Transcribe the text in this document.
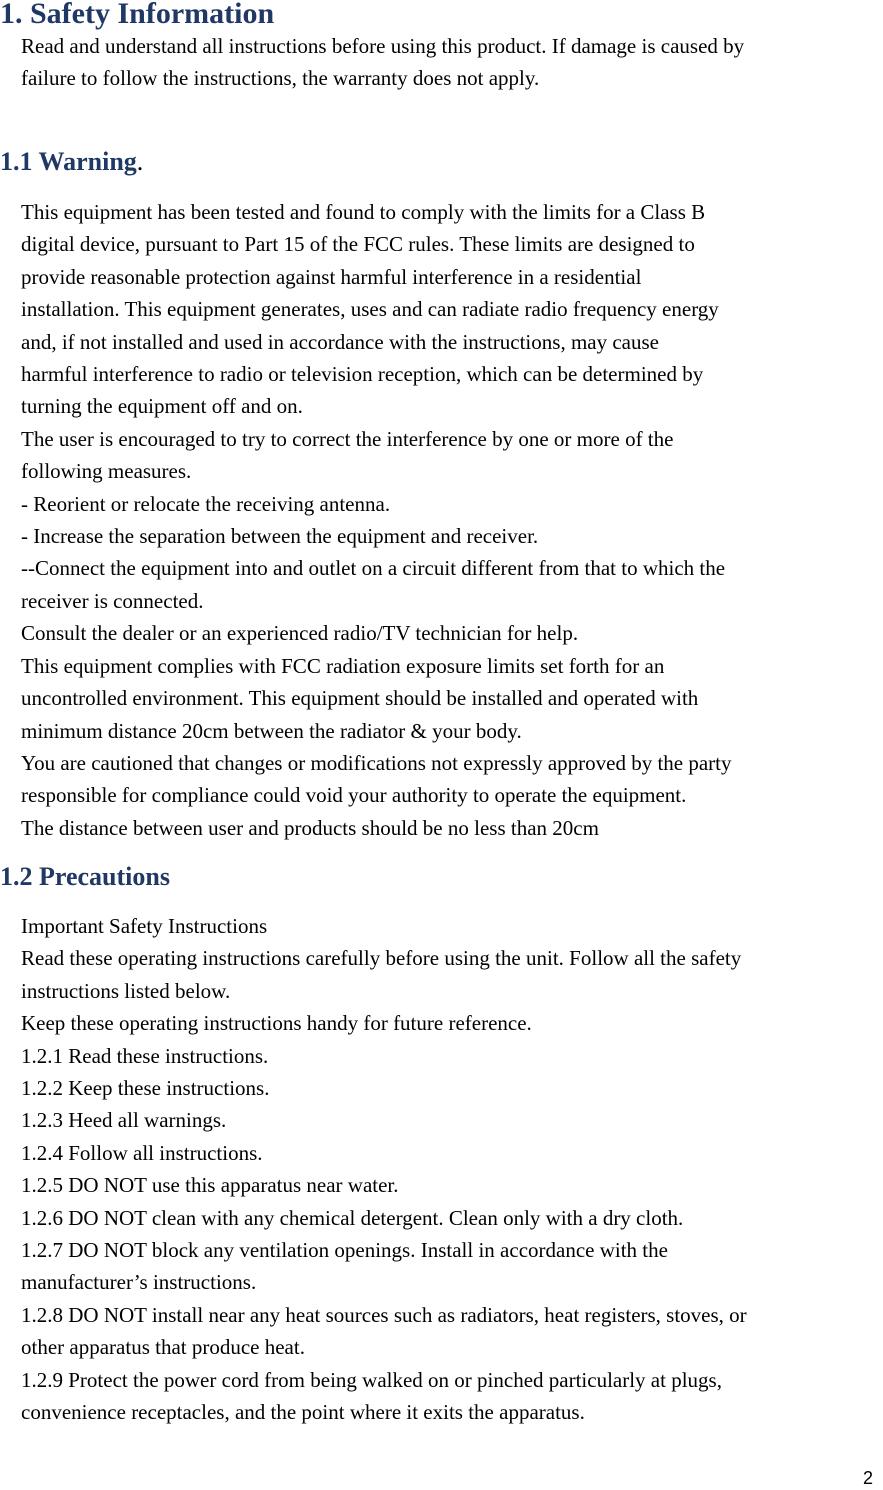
1. Safety Information
Read and understand all instructions before using this product. If damage is caused by
failure to follow the instructions, the warranty does not apply.
1.1 Warning.
This equipment has been tested and found to comply with the limits for a Class B
digital device, pursuant to Part 15 of the FCC rules. These limits are designed to
provide reasonable protection against harmful interference in a residential
installation. This equipment generates, uses and can radiate radio frequency energy
and, if not installed and used in accordance with the instructions, may cause
harmful interference to radio or television reception, which can be determined by
turning the equipment off and on.
The user is encouraged to try to correct the interference by one or more of the
following measures.
- Reorient or relocate the receiving antenna.
- Increase the separation between the equipment and receiver.
--Connect the equipment into and outlet on a circuit different from that to which the
receiver is connected.
Consult the dealer or an experienced radio/TV technician for help.
This equipment complies with FCC radiation exposure limits set forth for an
uncontrolled environment. This equipment should be installed and operated with
minimum distance 20cm between the radiator & your body.
You are cautioned that changes or modifications not expressly approved by the party
responsible for compliance could void your authority to operate the equipment.
The distance between user and products should be no less than 20cm
1.2 Precautions
Important Safety Instructions
Read these operating instructions carefully before using the unit. Follow all the safety
instructions listed below.
Keep these operating instructions handy for future reference.
1.2.1 Read these instructions.
1.2.2 Keep these instructions.
1.2.3 Heed all warnings.
1.2.4 Follow all instructions.
1.2.5 DO NOT use this apparatus near water.
1.2.6 DO NOT clean with any chemical detergent. Clean only with a dry cloth.
1.2.7 DO NOT block any ventilation openings. Install in accordance with the
manufacturer’s instructions.
1.2.8 DO NOT install near any heat sources such as radiators, heat registers, stoves, or
other apparatus that produce heat.
1.2.9 Protect the power cord from being walked on or pinched particularly at plugs,
convenience receptacles, and the point where it exits the apparatus.
2
